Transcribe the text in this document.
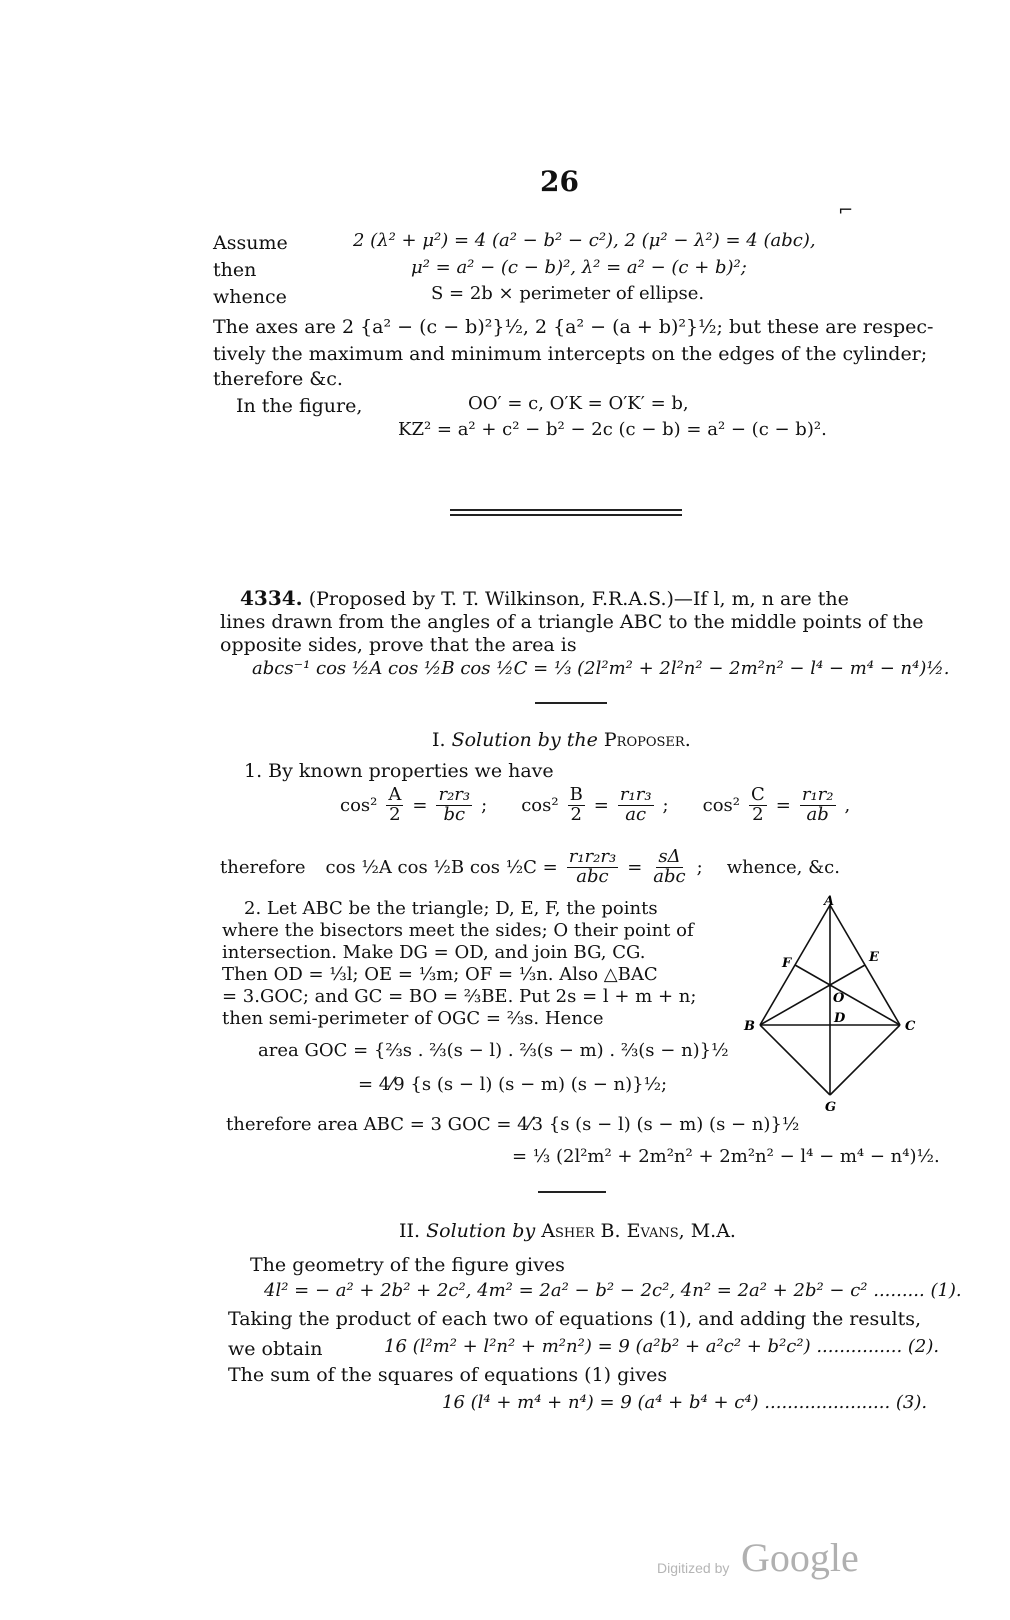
26
⌐
Assume	2 (λ² + μ²) = 4 (a² − b² − c²), 2 (μ² − λ²) = 4 (abc),
then	μ² = a² − (c − b)², λ² = a² − (c + b)²;
whence	S = 2b × perimeter of ellipse.
The axes are 2 {a² − (c − b)²}½, 2 {a² − (a + b)²}½; but these are respec-
tively the maximum and minimum intercepts on the edges of the cylinder;
therefore &c.
In the figure,	OO′ = c, O′K = O′K′ = b,
KZ² = a² + c² − b² − 2c (c − b) = a² − (c − b)².
4334. (Proposed by T. T. Wilkinson, F.R.A.S.)—If l, m, n are the
lines drawn from the angles of a triangle ABC to the middle points of the
opposite sides, prove that the area is
abcs⁻¹ cos ½A cos ½B cos ½C = ⅓ (2l²m² + 2l²n² − 2m²n² − l⁴ − m⁴ − n⁴)½.
I. Solution by the Proposer.
1. By known properties we have
$\cos^2 \frac{A}{2} = \frac{\text{r₂r₃}}{bc}$ ; $\cos^2 \frac{B}{2} = \frac{\text{r₁r₃}}{ac}$ ; $\cos^2 \frac{C}{2} = \frac{\text{r₁r₂}}{ab}$ ,
therefore cos ½A cos ½B cos ½C = $\frac{\text{r₁r₂r₃}}{\text{abc}} = \frac{s\Delta}{\text{abc}}$ ; whence, &c.
2. Let ABC be the triangle; D, E, F, the points
where the bisectors meet the sides; O their point of
intersection. Make DG = OD, and join BG, CG.
Then OD = ⅓l; OE = ⅓m; OF = ⅓n. Also △BAC
= 3.GOC; and GC = BO = ⅔BE. Put 2s = l + m + n;
then semi-perimeter of OGC = ⅔s. Hence
area GOC = {⅔s . ⅔(s − l) . ⅔(s − m) . ⅔(s − n)}½
= 4⁄9 {s (s − l) (s − m) (s − n)}½;
therefore area ABC = 3 GOC = 4⁄3 {s (s − l) (s − m) (s − n)}½
= ⅓ (2l²m² + 2m²n² + 2m²n² − l⁴ − m⁴ − n⁴)½.
A
B	C
D
E
F
O
G
II. Solution by Asher B. Evans, M.A.
The geometry of the figure gives
4l² = − a² + 2b² + 2c², 4m² = 2a² − b² − 2c², 4n² = 2a² + 2b² − c² ......... (1).
Taking the product of each two of equations (1), and adding the results,
we obtain	16 (l²m² + l²n² + m²n²) = 9 (a²b² + a²c² + b²c²) ............... (2).
The sum of the squares of equations (1) gives
16 (l⁴ + m⁴ + n⁴) = 9 (a⁴ + b⁴ + c⁴) ...................... (3).
Digitized by Google
